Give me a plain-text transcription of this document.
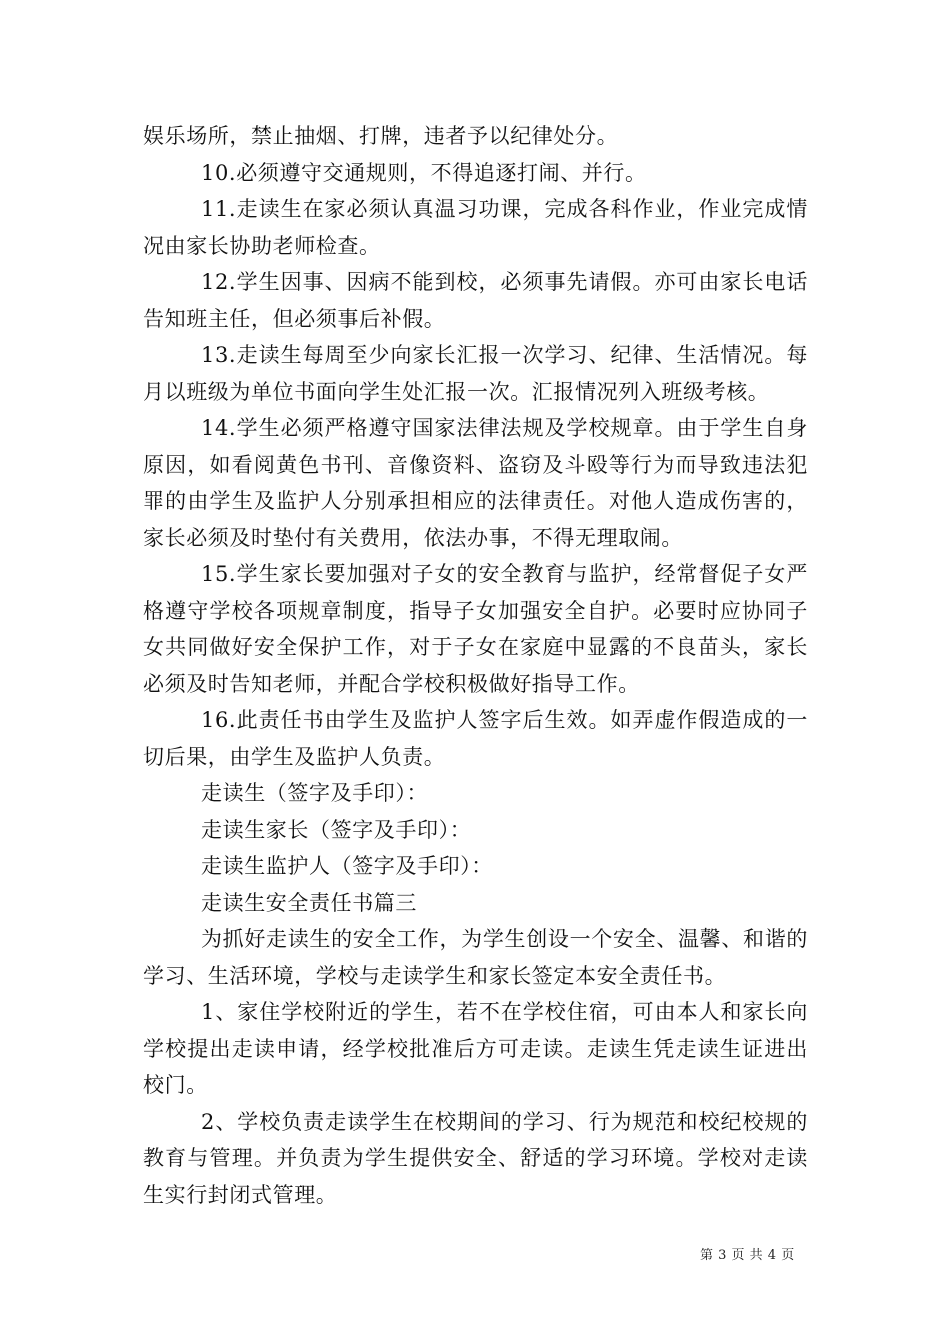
娱乐场所，禁止抽烟、打牌，违者予以纪律处分。

10.必须遵守交通规则，不得追逐打闹、并行。

11.走读生在家必须认真温习功课，完成各科作业，作业完成情况由家长协助老师检查。

12.学生因事、因病不能到校，必须事先请假。亦可由家长电话告知班主任，但必须事后补假。

13.走读生每周至少向家长汇报一次学习、纪律、生活情况。每月以班级为单位书面向学生处汇报一次。汇报情况列入班级考核。

14.学生必须严格遵守国家法律法规及学校规章。由于学生自身原因，如看阅黄色书刊、音像资料、盗窃及斗殴等行为而导致违法犯罪的由学生及监护人分别承担相应的法律责任。对他人造成伤害的，家长必须及时垫付有关费用，依法办事，不得无理取闹。

15.学生家长要加强对子女的安全教育与监护，经常督促子女严格遵守学校各项规章制度，指导子女加强安全自护。必要时应协同子女共同做好安全保护工作，对于子女在家庭中显露的不良苗头，家长必须及时告知老师，并配合学校积极做好指导工作。

16.此责任书由学生及监护人签字后生效。如弄虚作假造成的一切后果，由学生及监护人负责。

走读生（签字及手印）：

走读生家长（签字及手印）：

走读生监护人（签字及手印）：

走读生安全责任书篇三

为抓好走读生的安全工作，为学生创设一个安全、温馨、和谐的学习、生活环境，学校与走读学生和家长签定本安全责任书。

1、家住学校附近的学生，若不在学校住宿，可由本人和家长向学校提出走读申请，经学校批准后方可走读。走读生凭走读生证进出校门。

2、学校负责走读学生在校期间的学习、行为规范和校纪校规的教育与管理。并负责为学生提供安全、舒适的学习环境。学校对走读生实行封闭式管理。

第 3 页 共 4 页
